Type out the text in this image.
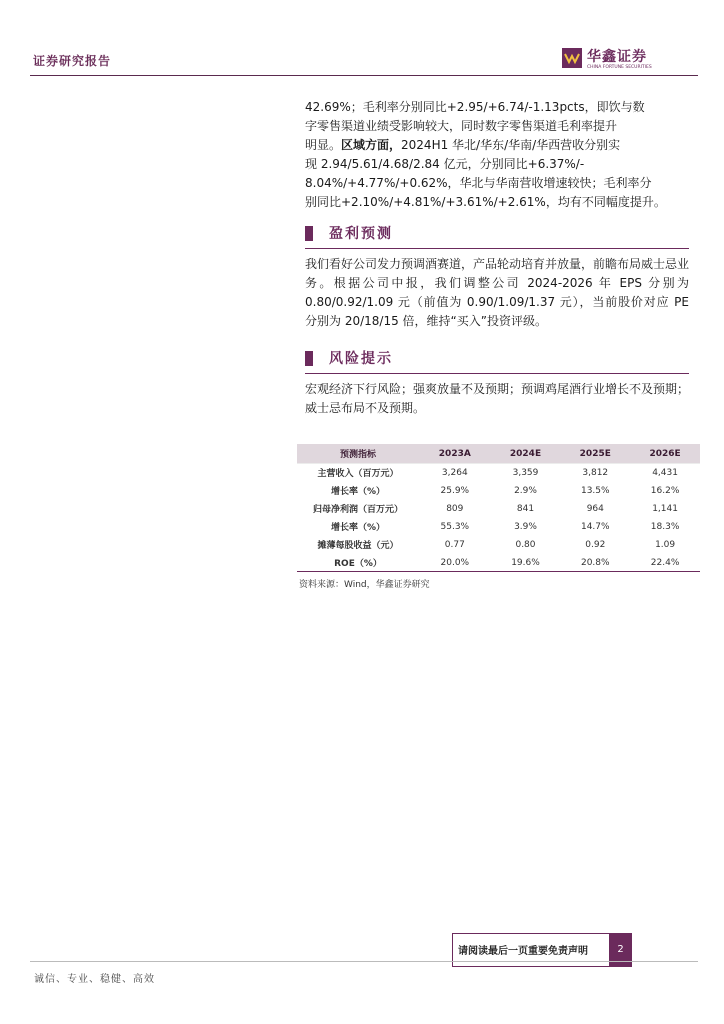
证券研究报告	华鑫证券
CHINA FORTUNE SECURITIES

42.69%；毛利率分别同比+2.95/+6.74/-1.13pcts，即饮与数
字零售渠道业绩受影响较大，同时数字零售渠道毛利率提升
明显。区域方面，2024H1 华北/华东/华南/华西营收分别实
现 2.94/5.61/4.68/2.84 亿元，分别同比+6.37%/-
8.04%/+4.77%/+0.62%，华北与华南营收增速较快；毛利率分
别同比+2.10%/+4.81%/+3.61%/+2.61%，均有不同幅度提升。

盈利预测

我们看好公司发力预调酒赛道，产品轮动培育并放量，前瞻布局威士忌业务。根据公司中报，我们调整公司 2024-2026 年 EPS 分别为 0.80/0.92/1.09 元（前值为 0.90/1.09/1.37 元），当前股价对应 PE 分别为 20/18/15 倍，维持“买入”投资评级。

风险提示

宏观经济下行风险；强爽放量不及预期；预调鸡尾酒行业增长不及预期；威士忌布局不及预期。

预测指标	2023A	2024E	2025E	2026E
主营收入（百万元）	3,264	3,359	3,812	4,431
增长率（%）	25.9%	2.9%	13.5%	16.2%
归母净利润（百万元）	809	841	964	1,141
增长率（%）	55.3%	3.9%	14.7%	18.3%
摊薄每股收益（元）	0.77	0.80	0.92	1.09
ROE（%）	20.0%	19.6%	20.8%	22.4%
资料来源：Wind，华鑫证券研究
请阅读最后一页重要免责声明	2
诚信、专业、稳健、高效
